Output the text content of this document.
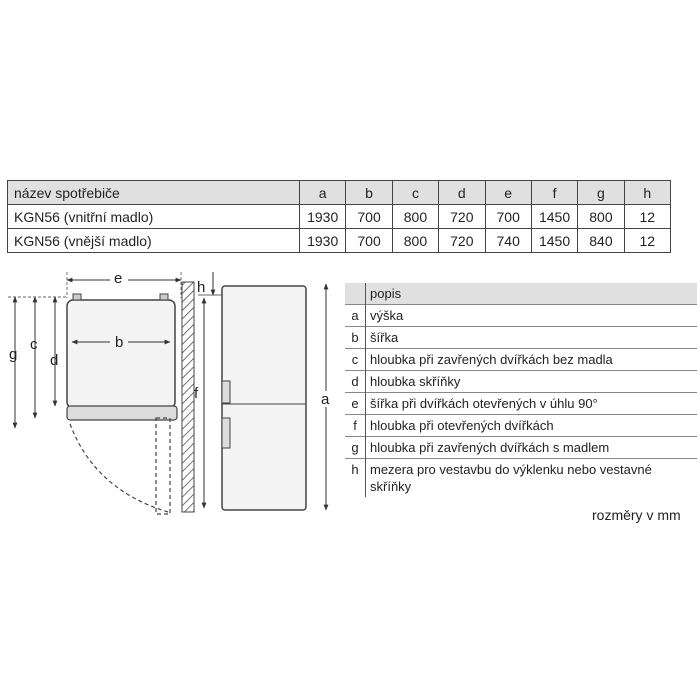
název spotřebiče	a	b	c	d	e	f	g	h
KGN56 (vnitřní madlo)	1930	700	800	720	700	1450	800	12
KGN56 (vnější madlo)	1930	700	800	720	740	1450	840	12
e
b
g
c
d
h
f	a
	popis
a	výška
b	šířka
c	hloubka při zavřených dvířkách bez madla
d	hloubka skříňky
e	šířka při dvířkách otevřených v úhlu 90°
f	hloubka při otevřených dvířkách
g	hloubka při zavřených dvířkách s madlem
h	mezera pro vestavbu do výklenku nebo vestavné skříňky
rozměry v mm
